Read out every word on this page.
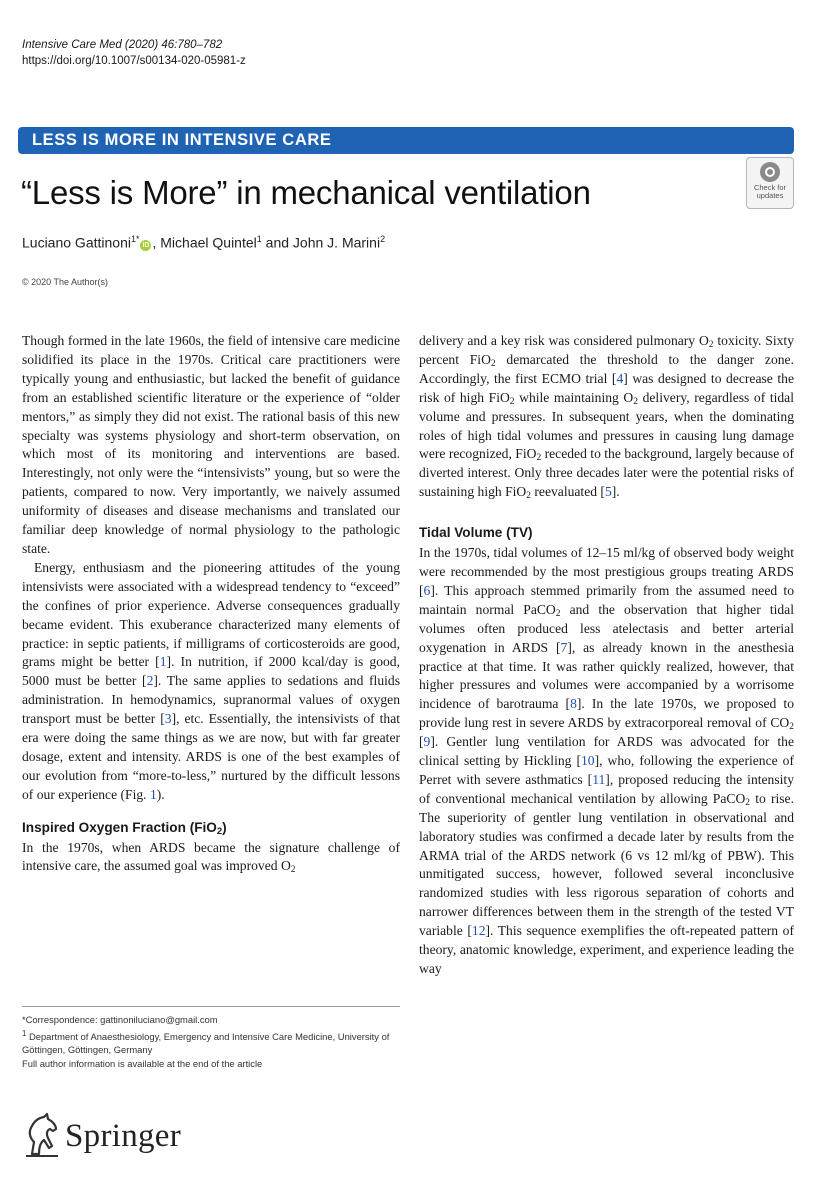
Intensive Care Med (2020) 46:780–782
https://doi.org/10.1007/s00134-020-05981-z
LESS IS MORE IN INTENSIVE CARE
“Less is More” in mechanical ventilation	Check for
updates
Luciano Gattinoni$^{1*}$iD , Michael Quintel$^1$ and John J. Marini$^2$
© 2020 The Author(s)

Though formed in the late 1960s, the field of intensive care medicine solidified its place in the 1970s. Critical care practitioners were typically young and enthusiastic, but lacked the benefit of guidance from an established scientific literature or the experience of “older mentors,” as simply they did not exist. The rational basis of this new specialty was systems physiology and short-term observation, on which most of its monitoring and interventions are based. Interestingly, not only were the “intensivists” young, but so were the patients, compared to now. Very importantly, we naively assumed uniformity of diseases and disease mechanisms and translated our familiar deep knowledge of normal physiology to the pathologic state.

Energy, enthusiasm and the pioneering attitudes of the young intensivists were associated with a widespread tendency to “exceed” the confines of prior experience. Adverse consequences gradually became evident. This exuberance characterized many elements of practice: in septic patients, if milligrams of corticosteroids are good, grams might be better [1]. In nutrition, if 2000 kcal/day is good, 5000 must be better [2]. The same applies to sedations and fluids administration. In hemodynamics, supranormal values of oxygen transport must be better [3], etc. Essentially, the intensivists of that era were doing the same things as we are now, but with far greater dosage, extent and intensity. ARDS is one of the best examples of our evolution from “more-to-less,” nurtured by the difficult lessons of our experience (Fig. 1).

Inspired Oxygen Fraction (FiO$_2$)

In the 1970s, when ARDS became the signature challenge of intensive care, the assumed goal was improved $O_2$

delivery and a key risk was considered pulmonary $O_2$ toxicity. Sixty percent FiO$_2$ demarcated the threshold to the danger zone. Accordingly, the first ECMO trial [4] was designed to decrease the risk of high FiO$_2$ while maintaining $O_2$ delivery, regardless of tidal volume and pressures. In subsequent years, when the dominating roles of high tidal volumes and pressures in causing lung damage were recognized, FiO$_2$ receded to the background, largely because of diverted interest. Only three decades later were the potential risks of sustaining high FiO$_2$ reevaluated [5].

Tidal Volume (TV)

In the 1970s, tidal volumes of 12–15 ml/kg of observed body weight were recommended by the most prestigious groups treating ARDS [6]. This approach stemmed primarily from the assumed need to maintain normal PaCO$_2$ and the observation that higher tidal volumes often produced less atelectasis and better arterial oxygenation in ARDS [7], as already known in the anesthesia practice at that time. It was rather quickly realized, however, that higher pressures and volumes were accompanied by a worrisome incidence of barotrauma [8]. In the late 1970s, we proposed to provide lung rest in severe ARDS by extracorporeal removal of $CO_2$ [9]. Gentler lung ventilation for ARDS was advocated for the clinical setting by Hickling [10], who, following the experience of Perret with severe asthmatics [11], proposed reducing the intensity of conventional mechanical ventilation by allowing PaCO$_2$ to rise. The superiority of gentler lung ventilation in observational and laboratory studies was confirmed a decade later by results from the ARMA trial of the ARDS network (6 vs 12 ml/kg of PBW). This unmitigated success, however, followed several inconclusive randomized studies with less rigorous separation of cohorts and narrower differences between them in the strength of the tested VT variable [12]. This sequence exemplifies the oft-repeated pattern of theory, anatomic knowledge, experiment, and experience leading the way

*Correspondence: gattinoniluciano@gmail.com
$^1$ Department of Anaesthesiology, Emergency and Intensive Care Medicine, University of Göttingen, Göttingen, Germany
Full author information is available at the end of the article
Springer
